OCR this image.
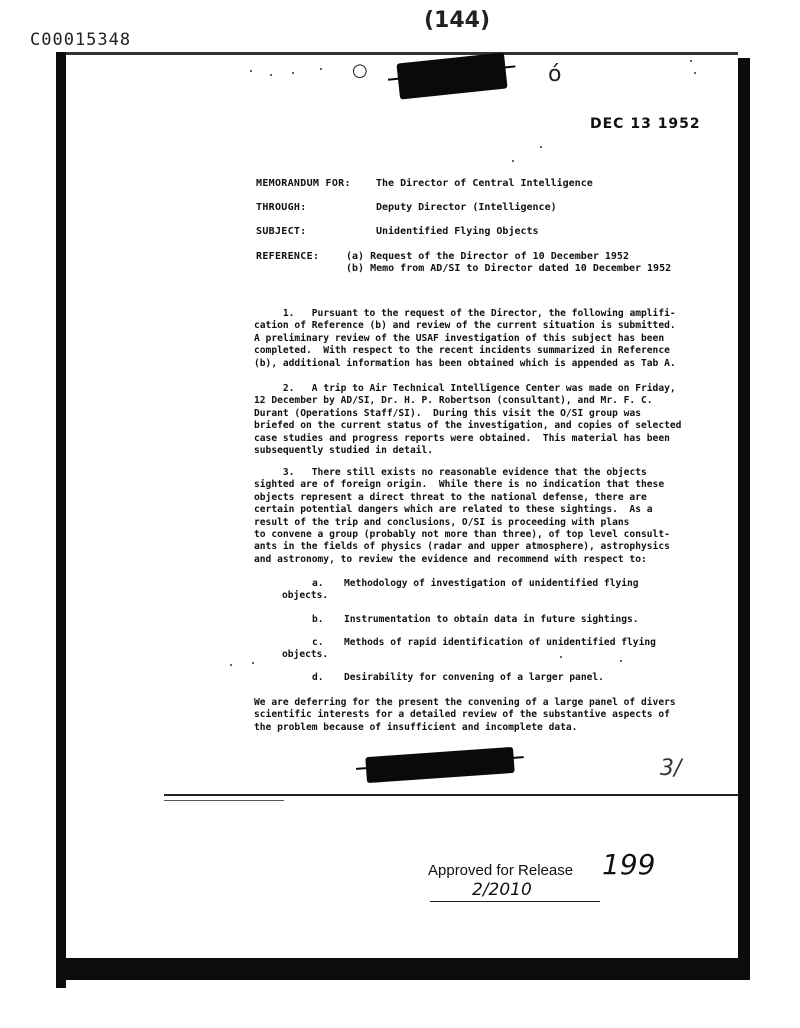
C00015348
(144)
○	ó
DEC 13 1952
MEMORANDUM FOR:	The Director of Central Intelligence
THROUGH:	Deputy Director (Intelligence)
SUBJECT:	Unidentified Flying Objects
REFERENCE:	(a) Request of the Director of 10 December 1952
(b) Memo from AD/SI to Director dated 10 December 1952
1.   Pursuant to the request of the Director, the following amplifi-
cation of Reference (b) and review of the current situation is submitted.
A preliminary review of the USAF investigation of this subject has been
completed.  With respect to the recent incidents summarized in Reference
(b), additional information has been obtained which is appended as Tab A.
2.   A trip to Air Technical Intelligence Center was made on Friday,
12 December by AD/SI, Dr. H. P. Robertson (consultant), and Mr. F. C.
Durant (Operations Staff/SI).  During this visit the O/SI group was
briefed on the current status of the investigation, and copies of selected
case studies and progress reports were obtained.  This material has been
subsequently studied in detail.
3.   There still exists no reasonable evidence that the objects
sighted are of foreign origin.  While there is no indication that these
objects represent a direct threat to the national defense, there are
certain potential dangers which are related to these sightings.  As a
result of the trip and conclusions, O/SI is proceeding with plans
to convene a group (probably not more than three), of top level consult-
ants in the fields of physics (radar and upper atmosphere), astrophysics
and astronomy, to review the evidence and recommend with respect to:
a. Methodology of investigation of unidentified flying
objects.
b. Instrumentation to obtain data in future sightings.
c. Methods of rapid identification of unidentified flying
objects.
d. Desirability for convening of a larger panel.
We are deferring for the present the convening of a large panel of divers
scientific interests for a detailed review of the substantive aspects of
the problem because of insufficient and incomplete data.
3/
Approved for Release 199
2/2010
